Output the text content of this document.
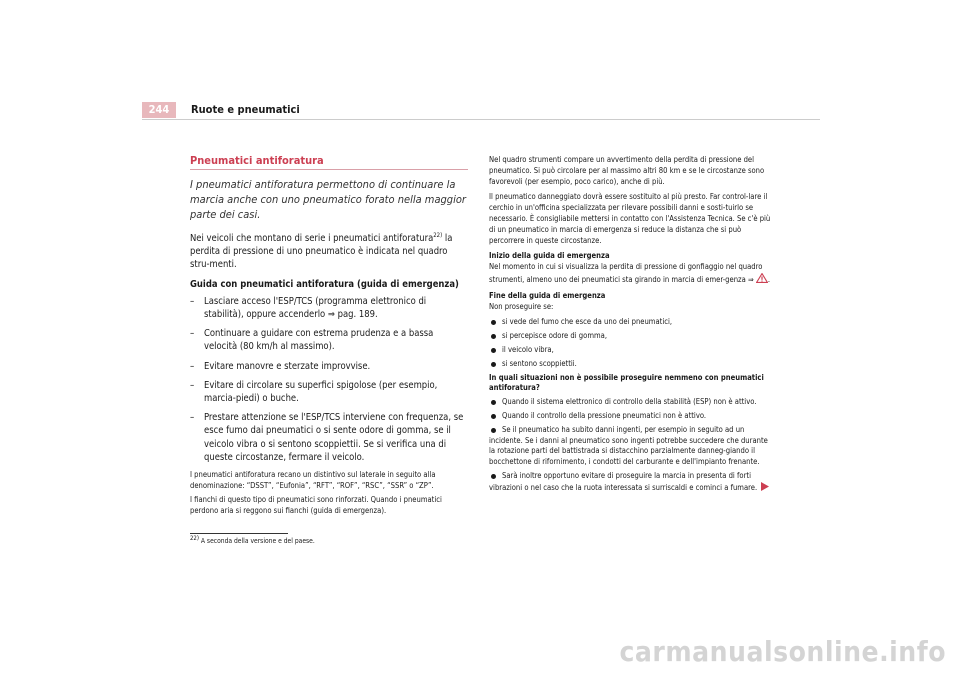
244	Ruote e pneumatici
Pneumatici antiforatura

I pneumatici antiforatura permettono di continuare la marcia anche con uno pneumatico forato nella maggior parte dei casi.

Nei veicoli che montano di serie i pneumatici antiforatura$^{22)}$ la perdita di pressione di uno pneumatico è indicata nel quadro stru-menti.

Guida con pneumatici antiforatura (guida di emergenza)

– Lasciare acceso l'ESP/TCS (programma elettronico di stabilità), oppure accenderlo ⇒ pag. 189.
– Continuare a guidare con estrema prudenza e a bassa velocità (80 km/h al massimo).
– Evitare manovre e sterzate improvvise.
– Evitare di circolare su superfici spigolose (per esempio, marcia-piedi) o buche.
– Prestare attenzione se l'ESP/TCS interviene con frequenza, se esce fumo dai pneumatici o si sente odore di gomma, se il veicolo vibra o si sentono scoppiettii. Se si verifica una di queste circostanze, fermare il veicolo.

I pneumatici antiforatura recano un distintivo sul laterale in seguito alla denominazione: “DSST”, “Eufonia”, “RFT”, “ROF”, “RSC”, “SSR” o “ZP”.

I fianchi di questo tipo di pneumatici sono rinforzati. Quando i pneumatici perdono aria si reggono sui fianchi (guida di emergenza).

$^{22)}$ A seconda della versione e del paese.

Nel quadro strumenti compare un avvertimento della perdita di pressione del pneumatico. Si può circolare per al massimo altri 80 km e se le circostanze sono favorevoli (per esempio, poco carico), anche di più.

Il pneumatico danneggiato dovrà essere sostituito al più presto. Far control-lare il cerchio in un'officina specializzata per rilevare possibili danni e sosti-tuirlo se necessario. È consigliabile mettersi in contatto con l'Assistenza Tecnica. Se c'è più di un pneumatico in marcia di emergenza si reduce la distanza che si può percorrere in queste circostanze.

Inizio della guida di emergenza

Nel momento in cui si visualizza la perdita di pressione di gonfiaggio nel quadro strumenti, almeno uno dei pneumatici sta girando in marcia di emer-genza ⇒ .

Fine della guida di emergenza

Non proseguire se:

si vede del fumo che esce da uno dei pneumatici,
si percepisce odore di gomma,
il veicolo vibra,
si sentono scoppiettii.

In quali situazioni non è possibile proseguire nemmeno con pneumatici antiforatura?

Quando il sistema elettronico di controllo della stabilità (ESP) non è attivo.
Quando il controllo della pressione pneumatici non è attivo.
Se il pneumatico ha subito danni ingenti, per esempio in seguito ad un incidente. Se i danni al pneumatico sono ingenti potrebbe succedere che durante la rotazione parti del battistrada si distacchino parzialmente danneg-giando il bocchettone di rifornimento, i condotti del carburante e dell'impianto frenante.
Sarà inoltre opportuno evitare di proseguire la marcia in presenta di forti vibrazioni o nel caso che la ruota interessata si surriscaldi e cominci a fumare.
carmanualsonline.info
